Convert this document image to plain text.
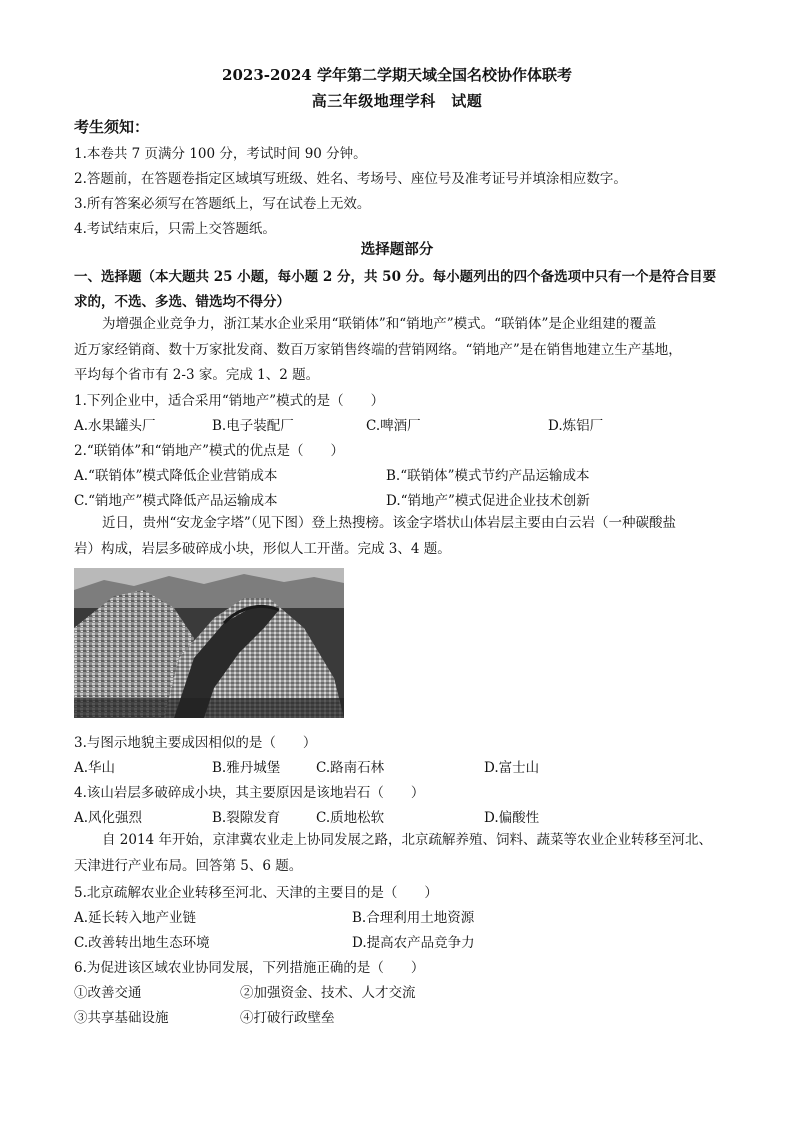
2023-2024 学年第二学期天域全国名校协作体联考
高三年级地理学科　试题
考生须知：
1.本卷共 7 页满分 100 分，考试时间 90 分钟。
2.答题前，在答题卷指定区域填写班级、姓名、考场号、座位号及准考证号并填涂相应数字。
3.所有答案必须写在答题纸上，写在试卷上无效。
4.考试结束后，只需上交答题纸。
选择题部分
一、选择题（本大题共 25 小题，每小题 2 分，共 50 分。每小题列出的四个备选项中只有一个是符合目要
求的，不选、多选、错选均不得分）
为增强企业竞争力，浙江某水企业采用“联销体”和“销地产”模式。“联销体”是企业组建的覆盖
近万家经销商、数十万家批发商、数百万家销售终端的营销网络。“销地产”是在销售地建立生产基地，
平均每个省市有 2-3 家。完成 1、2 题。
1.下列企业中，适合采用“销地产”模式的是（　　）
A.水果罐头厂	B.电子装配厂	C.啤酒厂	D.炼铝厂
2.“联销体”和“销地产”模式的优点是（　　）
A.“联销体”模式降低企业营销成本	B.“联销体”模式节约产品运输成本
C.“销地产”模式降低产品运输成本	D.“销地产”模式促进企业技术创新
近日，贵州“安龙金字塔”（见下图）登上热搜榜。该金字塔状山体岩层主要由白云岩（一种碳酸盐
岩）构成，岩层多破碎成小块，形似人工开凿。完成 3、4 题。
3.与图示地貌主要成因相似的是（　　）
A.华山	B.雅丹城堡	C.路南石林	D.富士山
4.该山岩层多破碎成小块，其主要原因是该地岩石（　　）
A.风化强烈	B.裂隙发育	C.质地松软	D.偏酸性
自 2014 年开始，京津冀农业走上协同发展之路，北京疏解养殖、饲料、蔬菜等农业企业转移至河北、
天津进行产业布局。回答第 5、6 题。
5.北京疏解农业企业转移至河北、天津的主要目的是（　　）
A.延长转入地产业链	B.合理利用土地资源
C.改善转出地生态环境	D.提高农产品竞争力
6.为促进该区域农业协同发展，下列措施正确的是（　　）
①改善交通	②加强资金、技术、人才交流
③共享基础设施	④打破行政壁垒
